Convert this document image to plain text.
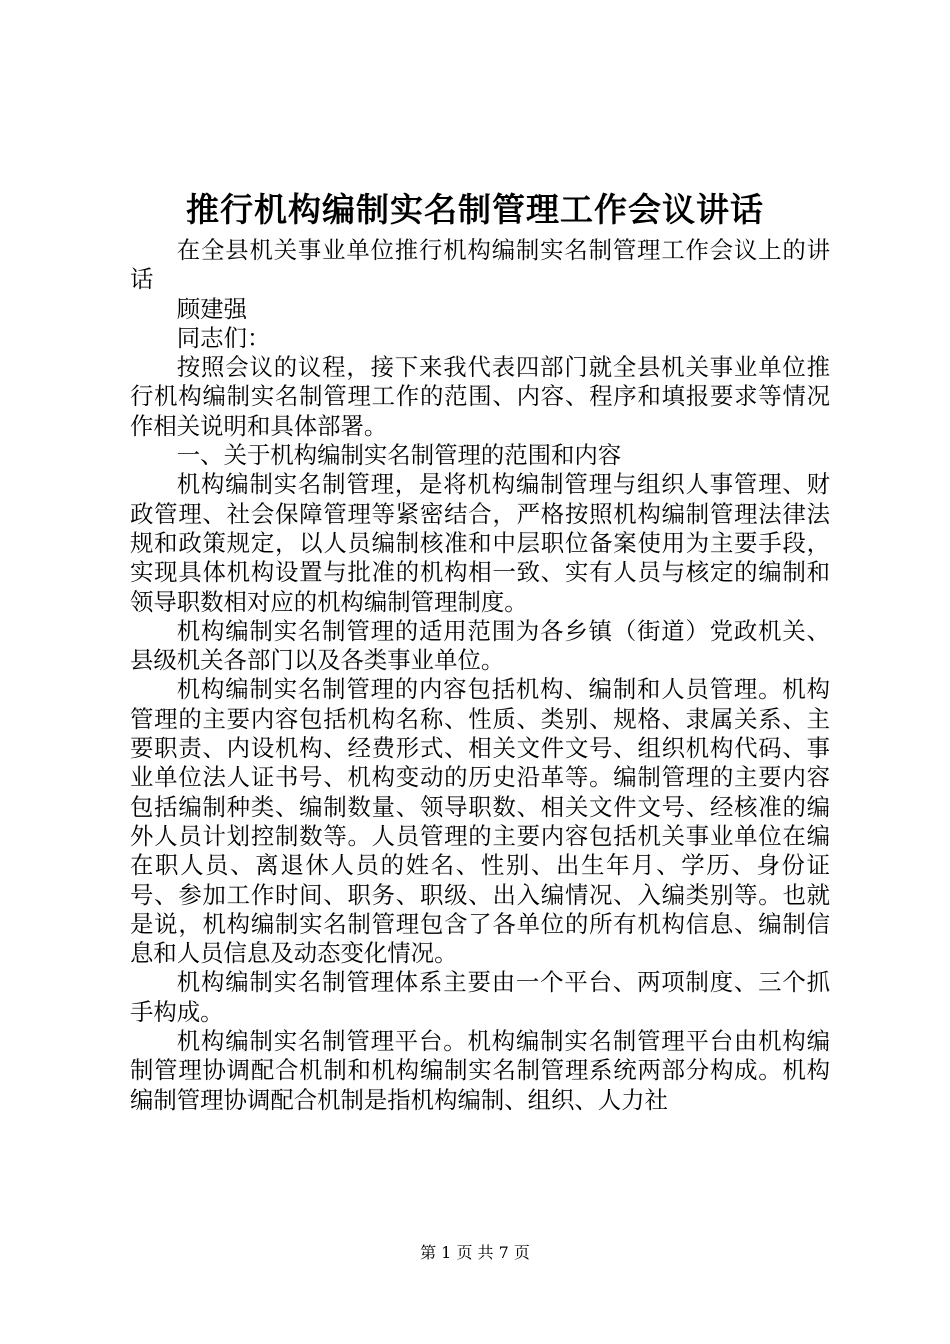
推行机构编制实名制管理工作会议讲话

在全县机关事业单位推行机构编制实名制管理工作会议上的讲话

顾建强

同志们：

按照会议的议程，接下来我代表四部门就全县机关事业单位推行机构编制实名制管理工作的范围、内容、程序和填报要求等情况作相关说明和具体部署。

一、关于机构编制实名制管理的范围和内容

机构编制实名制管理，是将机构编制管理与组织人事管理、财政管理、社会保障管理等紧密结合，严格按照机构编制管理法律法规和政策规定，以人员编制核准和中层职位备案使用为主要手段，实现具体机构设置与批准的机构相一致、实有人员与核定的编制和领导职数相对应的机构编制管理制度。

机构编制实名制管理的适用范围为各乡镇（街道）党政机关、县级机关各部门以及各类事业单位。

机构编制实名制管理的内容包括机构、编制和人员管理。机构管理的主要内容包括机构名称、性质、类别、规格、隶属关系、主要职责、内设机构、经费形式、相关文件文号、组织机构代码、事业单位法人证书号、机构变动的历史沿革等。编制管理的主要内容包括编制种类、编制数量、领导职数、相关文件文号、经核准的编外人员计划控制数等。人员管理的主要内容包括机关事业单位在编在职人员、离退休人员的姓名、性别、出生年月、学历、身份证号、参加工作时间、职务、职级、出入编情况、入编类别等。也就是说，机构编制实名制管理包含了各单位的所有机构信息、编制信息和人员信息及动态变化情况。

机构编制实名制管理体系主要由一个平台、两项制度、三个抓手构成。

机构编制实名制管理平台。机构编制实名制管理平台由机构编制管理协调配合机制和机构编制实名制管理系统两部分构成。机构编制管理协调配合机制是指机构编制、组织、人力社

第 1 页 共 7 页
